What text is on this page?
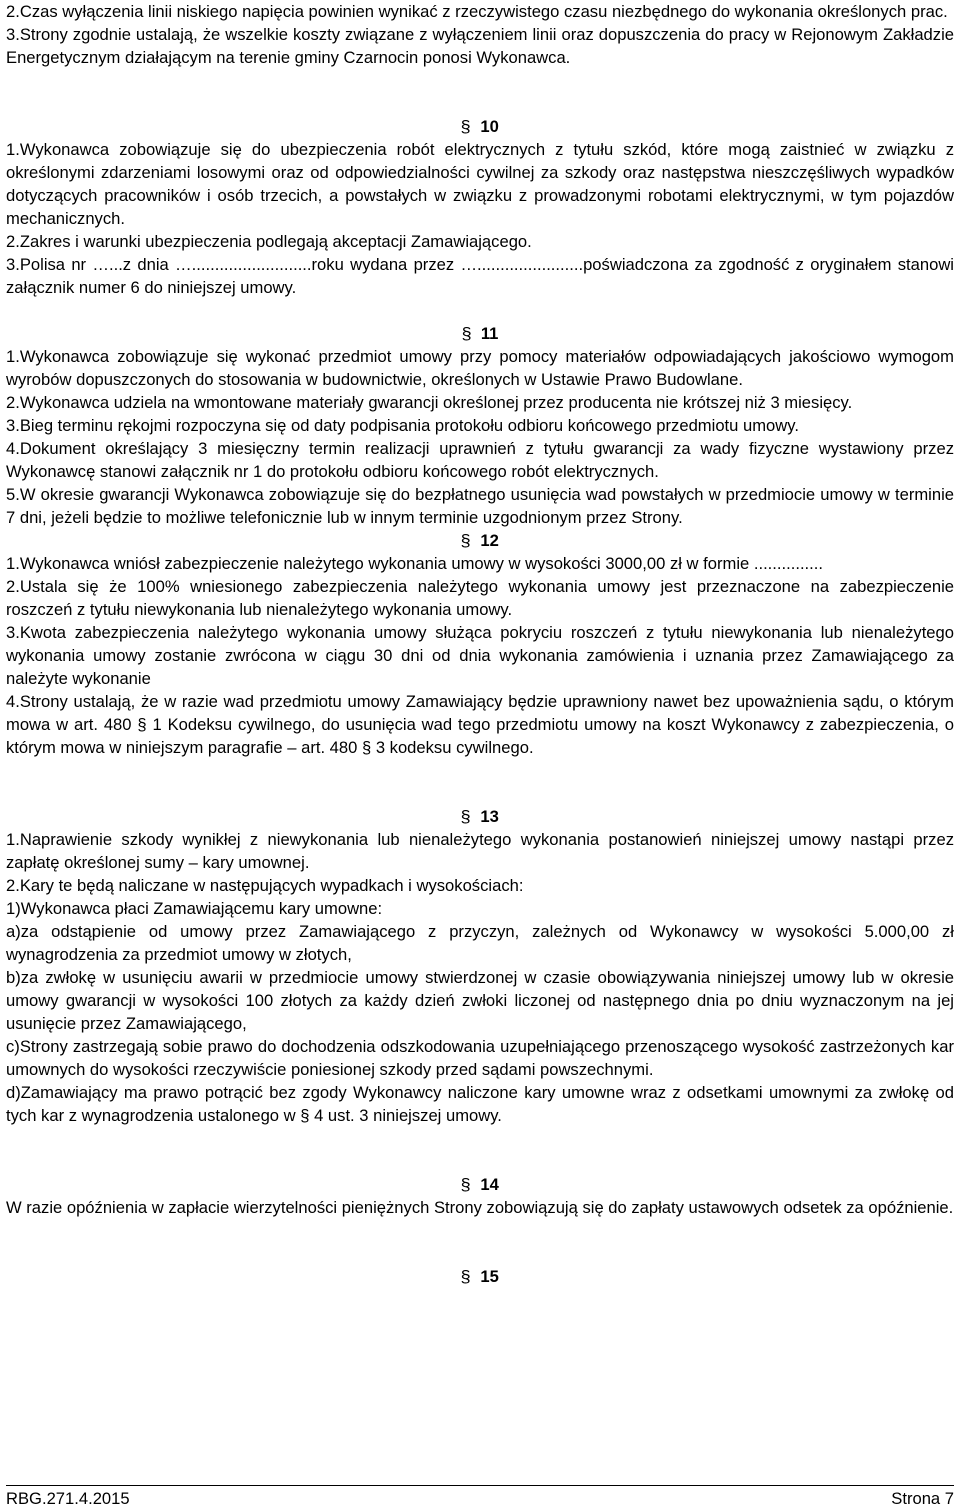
2.Czas wyłączenia linii niskiego napięcia powinien wynikać z rzeczywistego czasu niezbędnego do wykonania określonych prac.

3.Strony zgodnie ustalają, że wszelkie koszty związane z wyłączeniem linii oraz dopuszczenia do pracy w Rejonowym Zakładzie Energetycznym działającym na terenie gminy Czarnocin ponosi Wykonawca.

§ 10

1.Wykonawca zobowiązuje się do ubezpieczenia robót elektrycznych z tytułu szkód, które mogą zaistnieć w związku z określonymi zdarzeniami losowymi oraz od odpowiedzialności cywilnej za szkody oraz następstwa nieszczęśliwych wypadków dotyczących pracowników i osób trzecich, a powstałych w związku z prowadzonymi robotami elektrycznymi, w tym pojazdów mechanicznych.

2.Zakres i warunki ubezpieczenia podlegają akceptacji Zamawiającego.

3.Polisa nr …...z dnia …..........................roku wydana przez ….......................poświadczona za zgodność z oryginałem stanowi załącznik numer 6 do niniejszej umowy.

§ 11

1.Wykonawca zobowiązuje się wykonać przedmiot umowy przy pomocy materiałów odpowiadających jakościowo wymogom wyrobów dopuszczonych do stosowania w budownictwie, określonych w Ustawie Prawo Budowlane.

2.Wykonawca udziela na wmontowane materiały gwarancji określonej przez producenta nie krótszej niż 3 miesięcy.

3.Bieg terminu rękojmi rozpoczyna się od daty podpisania protokołu odbioru końcowego przedmiotu umowy.

4.Dokument określający 3 miesięczny termin realizacji uprawnień z tytułu gwarancji za wady fizyczne wystawiony przez Wykonawcę stanowi załącznik nr 1 do protokołu odbioru końcowego robót elektrycznych.

5.W okresie gwarancji Wykonawca zobowiązuje się do bezpłatnego usunięcia wad powstałych w przedmiocie umowy w terminie 7 dni, jeżeli będzie to możliwe telefonicznie lub w innym terminie uzgodnionym przez Strony.

§ 12

1.Wykonawca wniósł zabezpieczenie należytego wykonania umowy w wysokości 3000,00 zł w formie ...............

2.Ustala się że 100% wniesionego zabezpieczenia należytego wykonania umowy jest przeznaczone na zabezpieczenie roszczeń z tytułu niewykonania lub nienależytego wykonania umowy.

3.Kwota zabezpieczenia należytego wykonania umowy służąca pokryciu roszczeń z tytułu niewykonania lub nienależytego wykonania umowy zostanie zwrócona w ciągu 30 dni od dnia wykonania zamówienia i uznania przez Zamawiającego za należyte wykonanie

4.Strony ustalają, że w razie wad przedmiotu umowy Zamawiający będzie uprawniony nawet bez upoważnienia sądu, o którym mowa w art. 480 § 1 Kodeksu cywilnego, do usunięcia wad tego przedmiotu umowy na koszt Wykonawcy z zabezpieczenia, o którym mowa w niniejszym paragrafie – art. 480 § 3 kodeksu cywilnego.

§ 13

1.Naprawienie szkody wynikłej z niewykonania lub nienależytego wykonania postanowień niniejszej umowy nastąpi przez zapłatę określonej sumy – kary umownej.

2.Kary te będą naliczane w następujących wypadkach i wysokościach:

1)Wykonawca płaci Zamawiającemu kary umowne:

a)za odstąpienie od umowy przez Zamawiającego z przyczyn, zależnych od Wykonawcy w wysokości 5.000,00 zł wynagrodzenia za przedmiot umowy w złotych,

b)za zwłokę w usunięciu awarii w przedmiocie umowy stwierdzonej w czasie obowiązywania niniejszej umowy lub w okresie umowy gwarancji w wysokości 100 złotych za każdy dzień zwłoki liczonej od następnego dnia po dniu wyznaczonym na jej usunięcie przez Zamawiającego,

c)Strony zastrzegają sobie prawo do dochodzenia odszkodowania uzupełniającego przenoszącego wysokość zastrzeżonych kar umownych do wysokości rzeczywiście poniesionej szkody przed sądami powszechnymi.

d)Zamawiający ma prawo potrącić bez zgody Wykonawcy naliczone kary umowne wraz z odsetkami umownymi za zwłokę od tych kar z wynagrodzenia ustalonego w § 4 ust. 3 niniejszej umowy.

§ 14

W razie opóźnienia w zapłacie wierzytelności pieniężnych Strony zobowiązują się do zapłaty ustawowych odsetek za opóźnienie.

§ 15

RBG.271.4.2015	Strona 7
